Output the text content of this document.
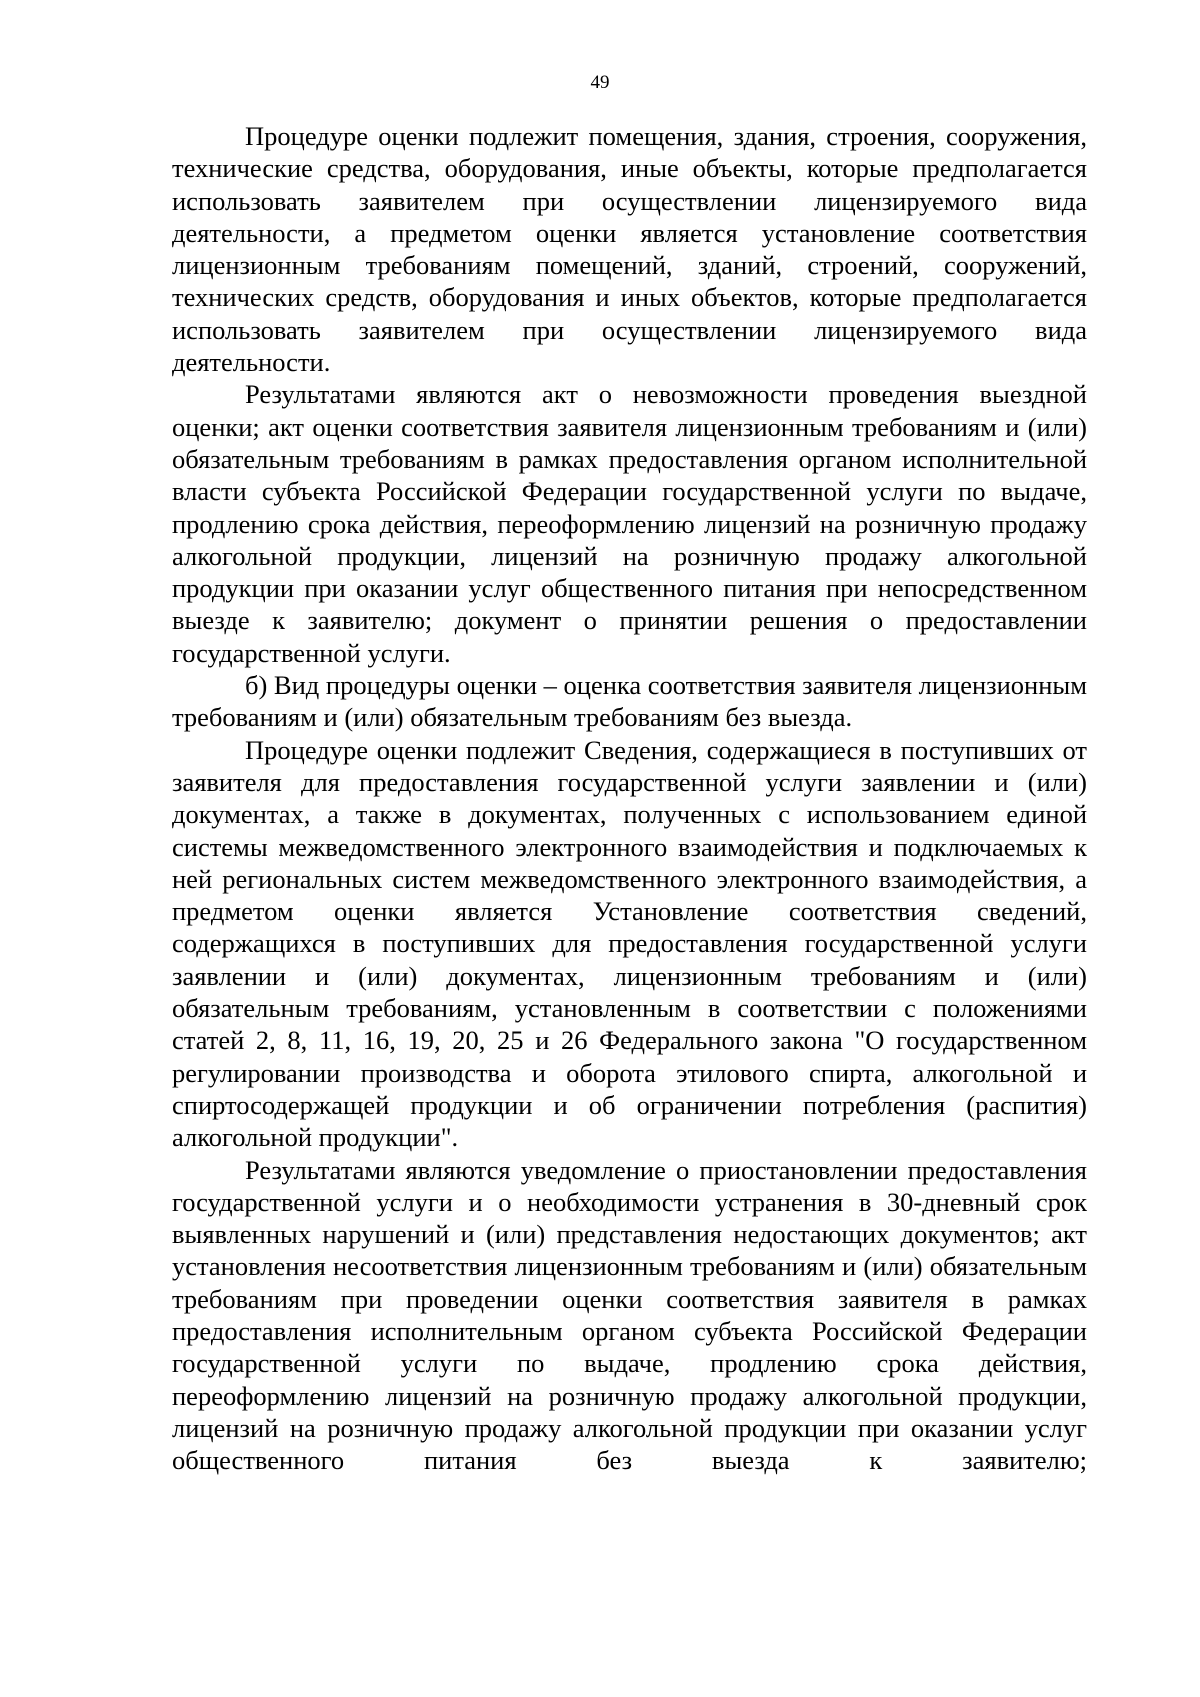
49

Процедуре оценки подлежит помещения, здания, строения, сооружения, технические средства, оборудования, иные объекты, которые предполагается использовать заявителем при осуществлении лицензируемого вида деятельности, а предметом оценки является установление соответствия лицензионным требованиям помещений, зданий, строений, сооружений, технических средств, оборудования и иных объектов, которые предполагается использовать заявителем при осуществлении лицензируемого вида деятельности.

Результатами являются акт о невозможности проведения выездной оценки; акт оценки соответствия заявителя лицензионным требованиям и (или) обязательным требованиям в рамках предоставления органом исполнительной власти субъекта Российской Федерации государственной услуги по выдаче, продлению срока действия, переоформлению лицензий на розничную продажу алкогольной продукции, лицензий на розничную продажу алкогольной продукции при оказании услуг общественного питания при непосредственном выезде к заявителю; документ о принятии решения о предоставлении государственной услуги.

б) Вид процедуры оценки – оценка соответствия заявителя лицензионным требованиям и (или) обязательным требованиям без выезда.

Процедуре оценки подлежит Сведения, содержащиеся в поступивших от заявителя для предоставления государственной услуги заявлении и (или) документах, а также в документах, полученных с использованием единой системы межведомственного электронного взаимодействия и подключаемых к ней региональных систем межведомственного электронного взаимодействия, а предметом оценки является Установление соответствия сведений, содержащихся в поступивших для предоставления государственной услуги заявлении и (или) документах, лицензионным требованиям и (или) обязательным требованиям, установленным в соответствии с положениями статей 2, 8, 11, 16, 19, 20, 25 и 26 Федерального закона "О государственном регулировании производства и оборота этилового спирта, алкогольной и спиртосодержащей продукции и об ограничении потребления (распития) алкогольной продукции".

Результатами являются уведомление о приостановлении предоставления государственной услуги и о необходимости устранения в 30-дневный срок выявленных нарушений и (или) представления недостающих документов; акт установления несоответствия лицензионным требованиям и (или) обязательным требованиям при проведении оценки соответствия заявителя в рамках предоставления исполнительным органом субъекта Российской Федерации государственной услуги по выдаче, продлению срока действия, переоформлению лицензий на розничную продажу алкогольной продукции, лицензий на розничную продажу алкогольной продукции при оказании услуг общественного питания без выезда к заявителю;
